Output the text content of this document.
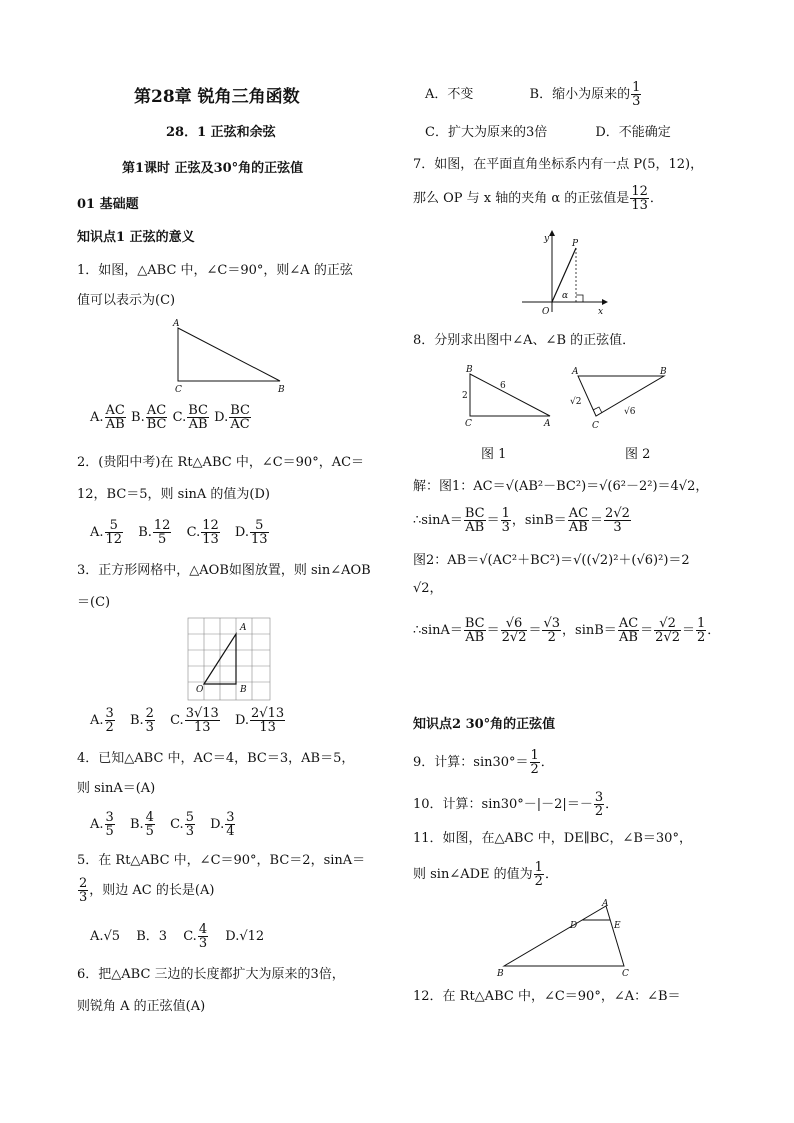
第28章 锐角三角函数
28．1 正弦和余弦
第1课时 正弦及30°角的正弦值
01 基础题
知识点1 正弦的意义
1．如图，△ABC 中，∠C＝90°，则∠A 的正弦
值可以表示为(C)
A
C	B
A. $\frac{AC}{AB} B$. $\frac{AC}{BC} C$. $\frac{BC}{AB} D$. $\frac{BC}{AC}$
2．(贵阳中考)在 Rt△ABC 中，∠C＝90°，AC＝
12，BC＝5，则 sinA 的值为(D)
A. $\frac{5}{12} B$. $\frac{12}{5} C$. $\frac{12}{13} D$. $\frac{5}{13}$
3．正方形网格中，△AOB如图放置，则 sin∠AOB
＝(C)
O
A
B
A. $\frac{3}{2} B$. $\frac{2}{3} C$. $\frac{3√13}{13} D$. $\frac{2√13}{13}$
4．已知△ABC 中，AC＝4，BC＝3，AB＝5，
则 sinA＝(A)
A. $\frac{3}{5} B$. $\frac{4}{5} C$. $\frac{5}{3} D$. $\frac{3}{4}$
5．在 Rt△ABC 中，∠C＝90°，BC＝2，sinA＝
$\frac{2}{3}$ ，则边 AC 的长是(A)
A.√5 B．3 C. $\frac{4}{3} D.√12$
6．把△ABC 三边的长度都扩大为原来的3倍，
则锐角 A 的正弦值(A)
A．不变	B．缩小为原来的 $\frac{1}{3}$
C．扩大为原来的3倍	D．不能确定
7．如图，在平面直角坐标系内有一点 P(5，12)，
那么 OP 与 x 轴的夹角 α 的正弦值是 $\frac{12}{13}$ ．
y	P
α
O	x
8．分别求出图中∠A、∠B 的正弦值．
B
C	A
6
2
A	B
C
√2
√6
图 1	图 2
解：图1：AC＝√(AB²－BC²)＝√(6²－2²)＝4√2，
∴sinA＝ $\frac{BC}{AB} = \frac{1}{3}$ ，$\sin B= \frac{AC}{AB} = \frac{2√2}{3}$
图2：AB＝√(AC²＋BC²)＝√((√2)²＋(√6)²)＝2
√2，
∴sinA＝ $\frac{BC}{AB} = \frac{√6}{2√2} = \frac{√3}{2}$ ，$\sin B= \frac{AC}{AB} = \frac{√2}{2√2} = \frac{1}{2}$ ．
知识点2 30°角的正弦值
9．计算：$\sin 30^\circ= \frac{1}{2}$ ．
10．计算：$\sin 30^\circ-|-2|=- \frac{3}{2}$ ．
11．如图，在△ABC 中，DE∥BC，∠B＝30°，
则 sin∠ADE 的值为 $\frac{1}{2}$ ．
A
D	E
B	C
12．在 Rt△ABC 中，∠C＝90°，∠A：∠B＝
